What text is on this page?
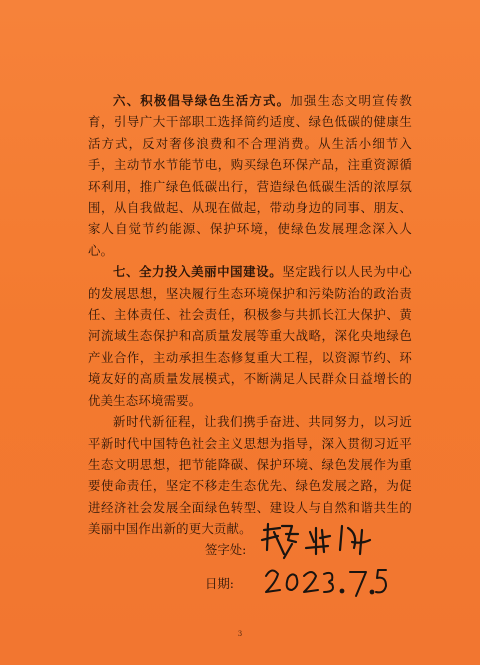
六、积极倡导绿色生活方式。加强生态文明宣传教育，引导广大干部职工选择简约适度、绿色低碳的健康生活方式，反对奢侈浪费和不合理消费。从生活小细节入手，主动节水节能节电，购买绿色环保产品，注重资源循环利用，推广绿色低碳出行，营造绿色低碳生活的浓厚氛围，从自我做起、从现在做起，带动身边的同事、朋友、家人自觉节约能源、保护环境，使绿色发展理念深入人心。

七、全力投入美丽中国建设。坚定践行以人民为中心的发展思想，坚决履行生态环境保护和污染防治的政治责任、主体责任、社会责任，积极参与共抓长江大保护、黄河流域生态保护和高质量发展等重大战略，深化央地绿色产业合作，主动承担生态修复重大工程，以资源节约、环境友好的高质量发展模式，不断满足人民群众日益增长的优美生态环境需要。

新时代新征程，让我们携手奋进、共同努力，以习近平新时代中国特色社会主义思想为指导，深入贯彻习近平生态文明思想，把节能降碳、保护环境、绿色发展作为重要使命责任，坚定不移走生态优先、绿色发展之路，为促进经济社会发展全面绿色转型、建设人与自然和谐共生的美丽中国作出新的更大贡献。

签字处:
日期:
3
